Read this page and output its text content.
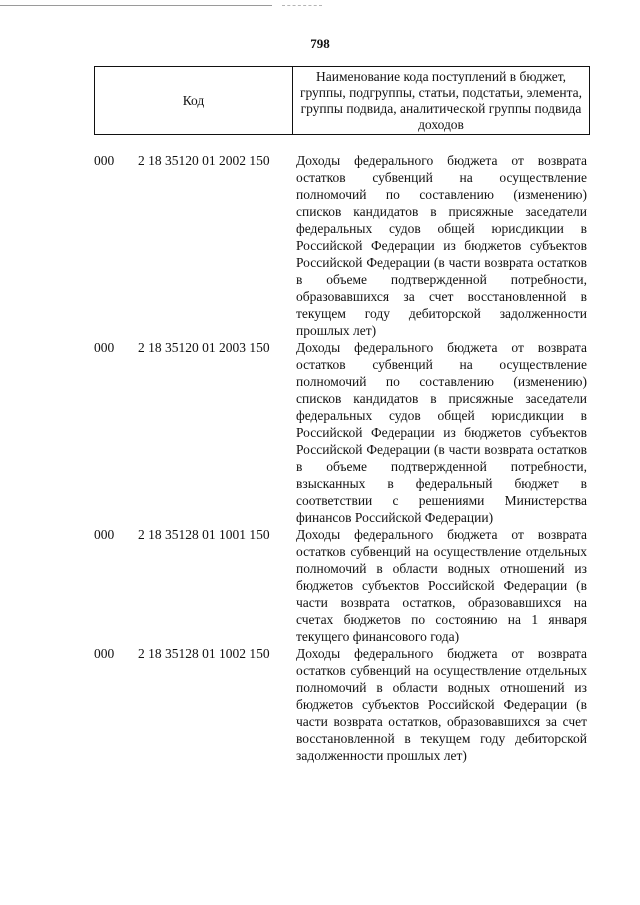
798
Код
Наименование кода поступлений в бюджет, группы, подгруппы, статьи, подстатьи, элемента, группы подвида, аналитической группы подвида доходов
000	2 18 35120 01 2002 150	Доходы федерального бюджета от возврата остатков субвенций на осуществление полномочий по составлению (изменению) списков кандидатов в присяжные заседатели федеральных судов общей юрисдикции в Российской Федерации из бюджетов субъектов Российской Федерации (в части возврата остатков в объеме подтвержденной потребности, образовавшихся за счет восстановленной в текущем году дебиторской задолженности прошлых лет)
000	2 18 35120 01 2003 150	Доходы федерального бюджета от возврата остатков субвенций на осуществление полномочий по составлению (изменению) списков кандидатов в присяжные заседатели федеральных судов общей юрисдикции в Российской Федерации из бюджетов субъектов Российской Федерации (в части возврата остатков в объеме подтвержденной потребности, взысканных в федеральный бюджет в соответствии с решениями Министерства финансов Российской Федерации)
000	2 18 35128 01 1001 150	Доходы федерального бюджета от возврата остатков субвенций на осуществление отдельных полномочий в области водных отношений из бюджетов субъектов Российской Федерации (в части возврата остатков, образовавшихся на счетах бюджетов по состоянию на 1 января текущего финансового года)
000	2 18 35128 01 1002 150	Доходы федерального бюджета от возврата остатков субвенций на осуществление отдельных полномочий в области водных отношений из бюджетов субъектов Российской Федерации (в части возврата остатков, образовавшихся за счет восстановленной в текущем году дебиторской задолженности прошлых лет)
